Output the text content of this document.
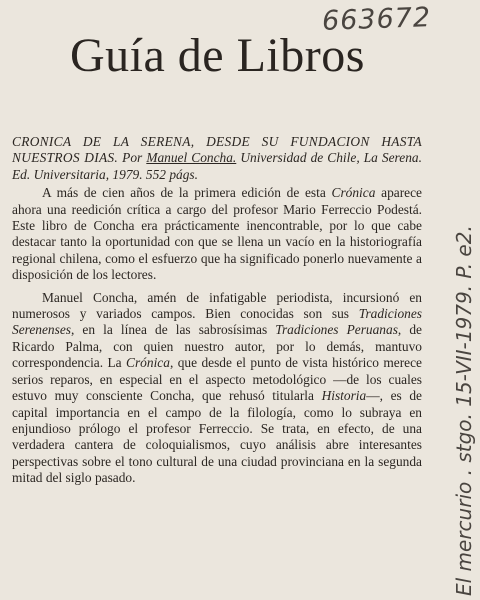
663672
El mercurio . stgo. 15-VII-1979. P. e2.
Guía de Libros

CRONICA DE LA SERENA, DESDE SU FUNDACION HASTA NUESTROS DIAS. Por Manuel Concha. Universidad de Chile, La Serena. Ed. Universitaria, 1979. 552 págs.

A más de cien años de la primera edición de esta Crónica aparece ahora una reedición crítica a cargo del profesor Mario Ferreccio Podestá. Este libro de Concha era prácticamente inencontrable, por lo que cabe destacar tanto la oportunidad con que se llena un vacío en la historiografía regional chilena, como el esfuerzo que ha significado ponerlo nuevamente a disposición de los lectores.

Manuel Concha, amén de infatigable periodista, incursionó en numerosos y variados campos. Bien conocidas son sus Tradiciones Serenenses, en la línea de las sabrosísimas Tradiciones Peruanas, de Ricardo Palma, con quien nuestro autor, por lo demás, mantuvo correspondencia. La Crónica, que desde el punto de vista histórico merece serios reparos, en especial en el aspecto metodológico —de los cuales estuvo muy consciente Concha, que rehusó titularla Historia—, es de capital importancia en el campo de la filología, como lo subraya en enjundioso prólogo el profesor Ferreccio. Se trata, en efecto, de una verdadera cantera de coloquialismos, cuyo análisis abre interesantes perspectivas sobre el tono cultural de una ciudad provinciana en la segunda mitad del siglo pasado.
